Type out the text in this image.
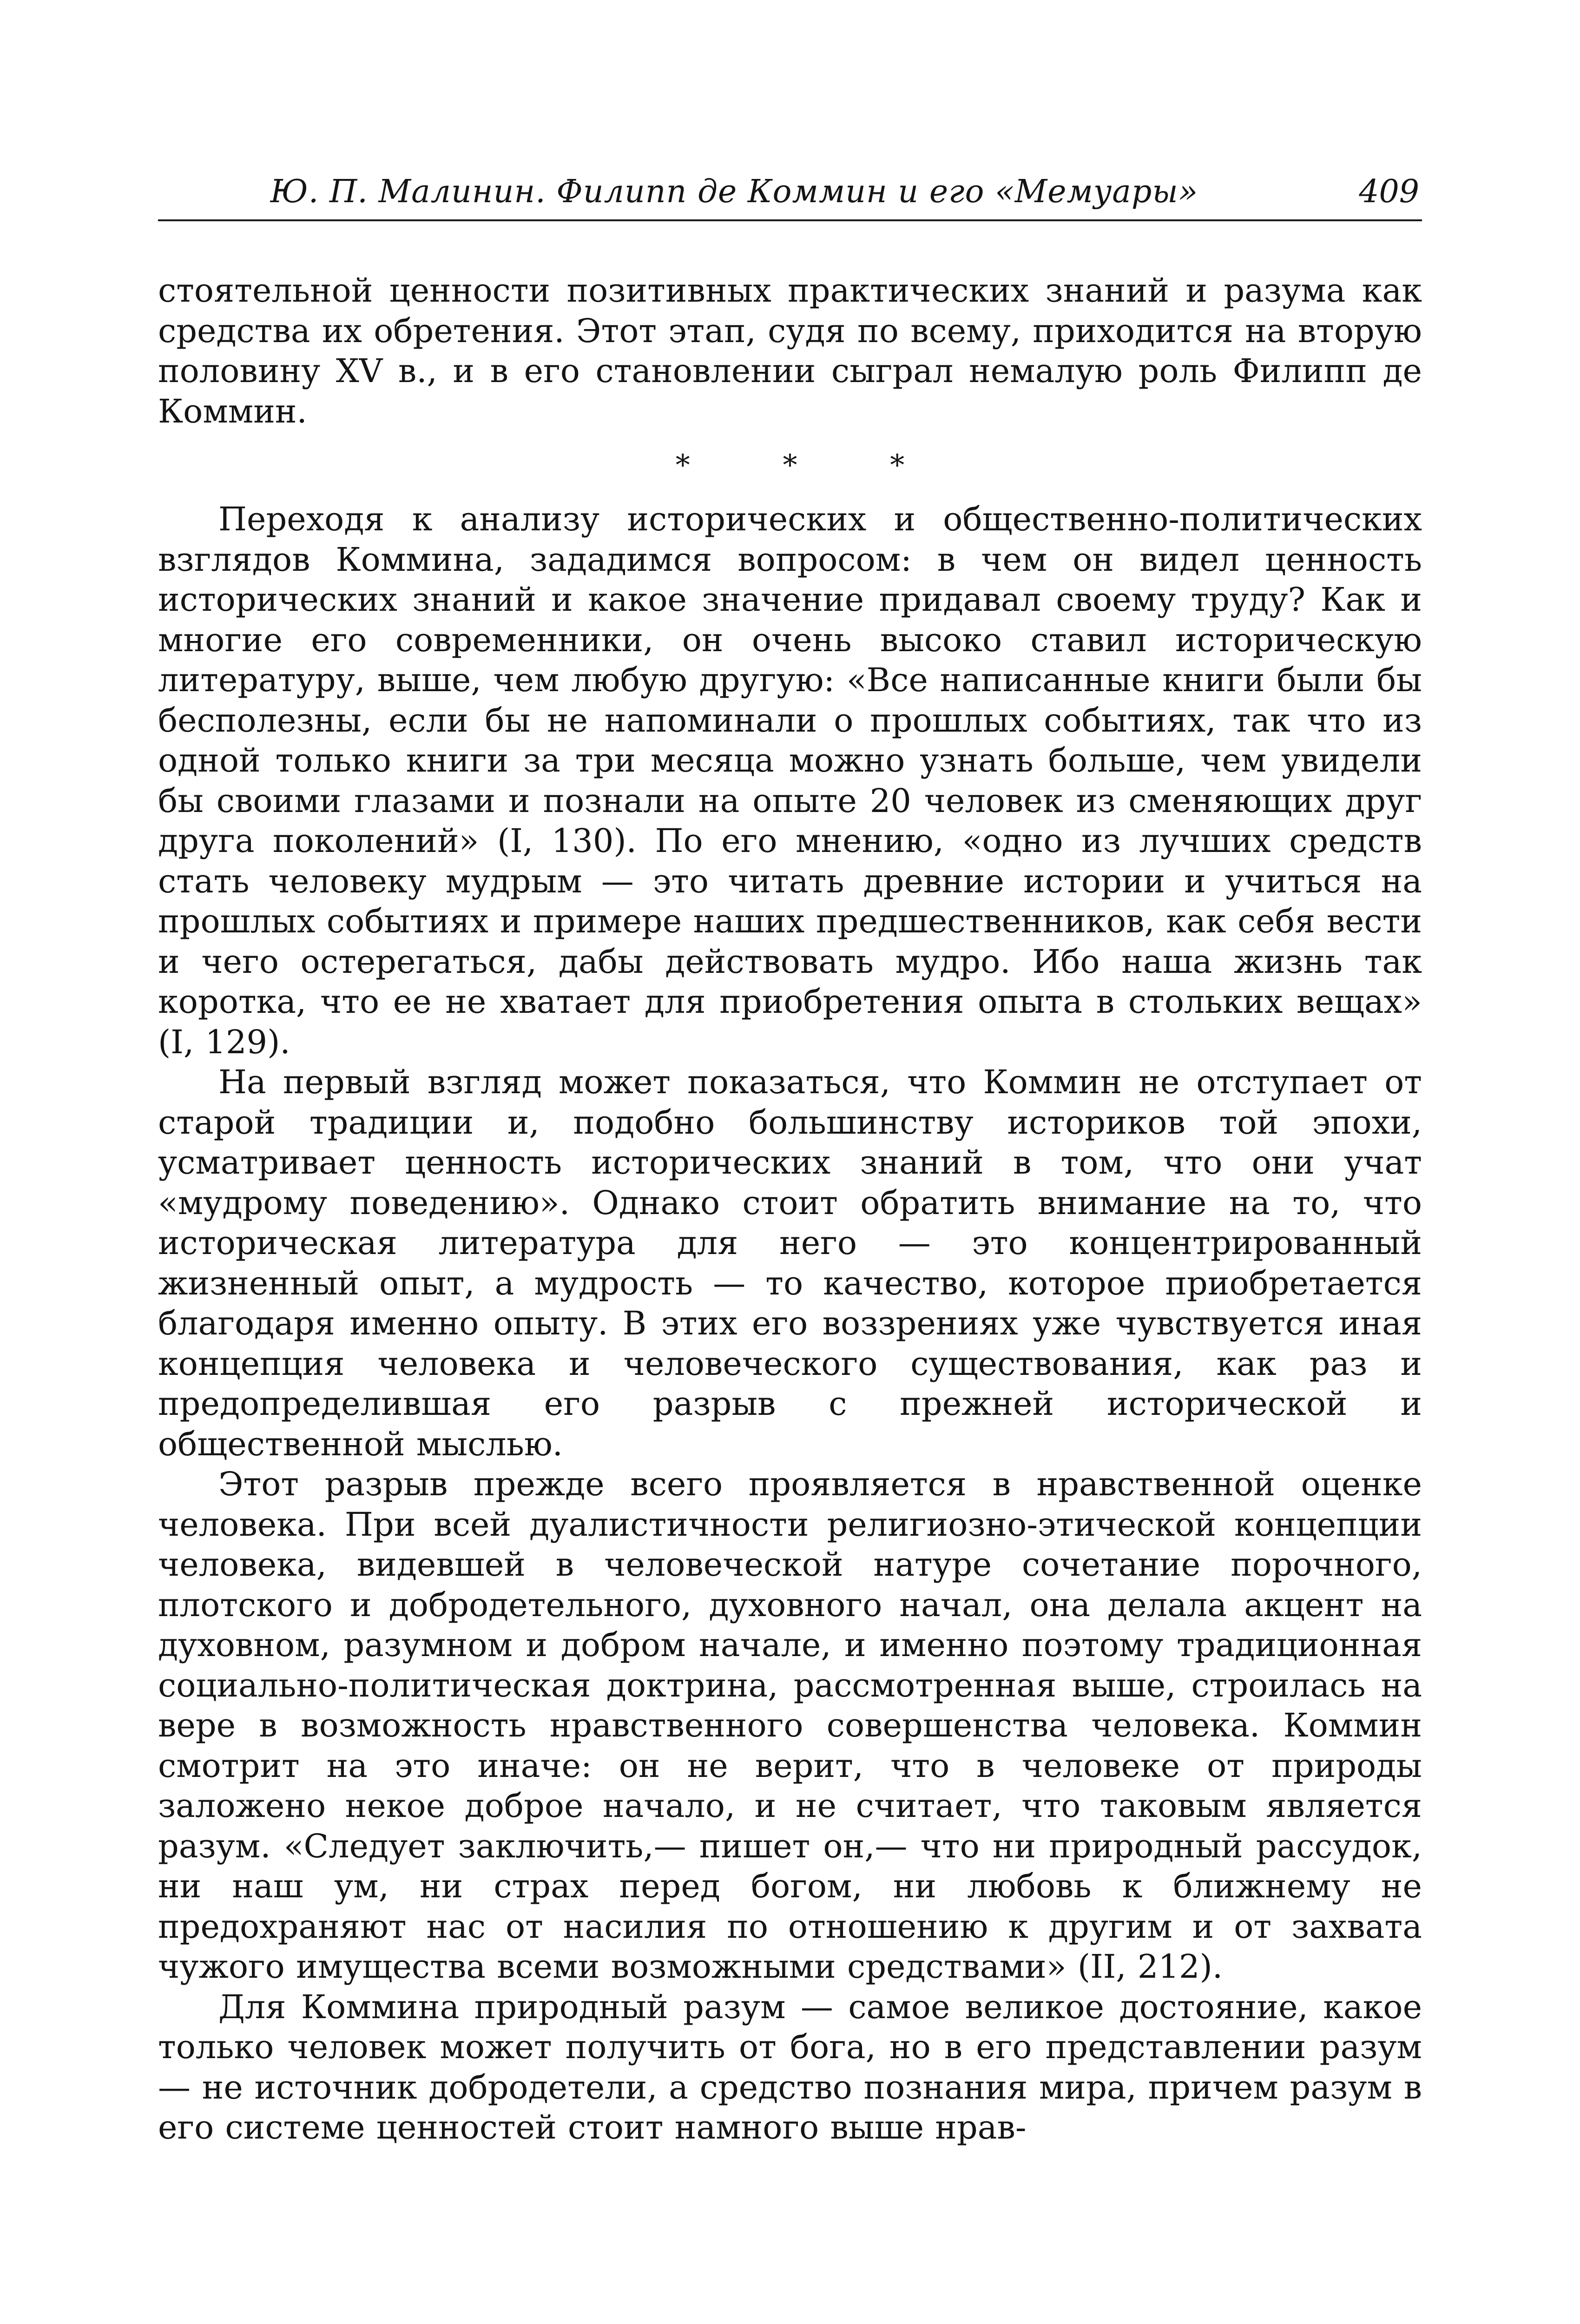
Ю. П. Малинин. Филипп де Коммин и его «Мемуары»	409

стоятельной ценности позитивных практических знаний и разума как средства их обретения. Этот этап, судя по всему, приходится на вторую половину XV в., и в его становлении сыграл немалую роль Филипп де Коммин.

* * *

Переходя к анализу исторических и общественно-политических взглядов Коммина, зададимся вопросом: в чем он видел ценность исторических знаний и какое значение придавал своему труду? Как и многие его современники, он очень высоко ставил историческую литературу, выше, чем любую другую: «Все написанные книги были бы бесполезны, если бы не напоминали о прошлых событиях, так что из одной только книги за три месяца можно узнать больше, чем увидели бы своими глазами и познали на опыте 20 человек из сменяющих друг друга поколений» (I, 130). По его мнению, «одно из лучших средств стать человеку мудрым — это читать древние истории и учиться на прошлых событиях и примере наших предшественников, как себя вести и чего остерегаться, дабы действовать мудро. Ибо наша жизнь так коротка, что ее не хватает для приобретения опыта в стольких вещах» (I, 129).

На первый взгляд может показаться, что Коммин не отступает от старой традиции и, подобно большинству историков той эпохи, усматривает ценность исторических знаний в том, что они учат «мудрому поведению». Однако стоит обратить внимание на то, что историческая литература для него — это концентрированный жизненный опыт, а мудрость — то качество, которое приобретается благодаря именно опыту. В этих его воззрениях уже чувствуется иная концепция человека и человеческого существования, как раз и предопределившая его разрыв с прежней исторической и общественной мыслью.

Этот разрыв прежде всего проявляется в нравственной оценке человека. При всей дуалистичности религиозно-этической концепции человека, видевшей в человеческой натуре сочетание порочного, плотского и добродетельного, духовного начал, она делала акцент на духовном, разумном и добром начале, и именно поэтому традиционная социально-политическая доктрина, рассмотренная выше, строилась на вере в возможность нравственного совершенства человека. Коммин смотрит на это иначе: он не верит, что в человеке от природы заложено некое доброе начало, и не считает, что таковым является разум. «Следует заключить,— пишет он,— что ни природный рассудок, ни наш ум, ни страх перед богом, ни любовь к ближнему не предохраняют нас от насилия по отношению к другим и от захвата чужого имущества всеми возможными средствами» (II, 212).

Для Коммина природный разум — самое великое достояние, какое только человек может получить от бога, но в его представлении разум — не источник добродетели, а средство познания мира, причем разум в его системе ценностей стоит намного выше нрав-
